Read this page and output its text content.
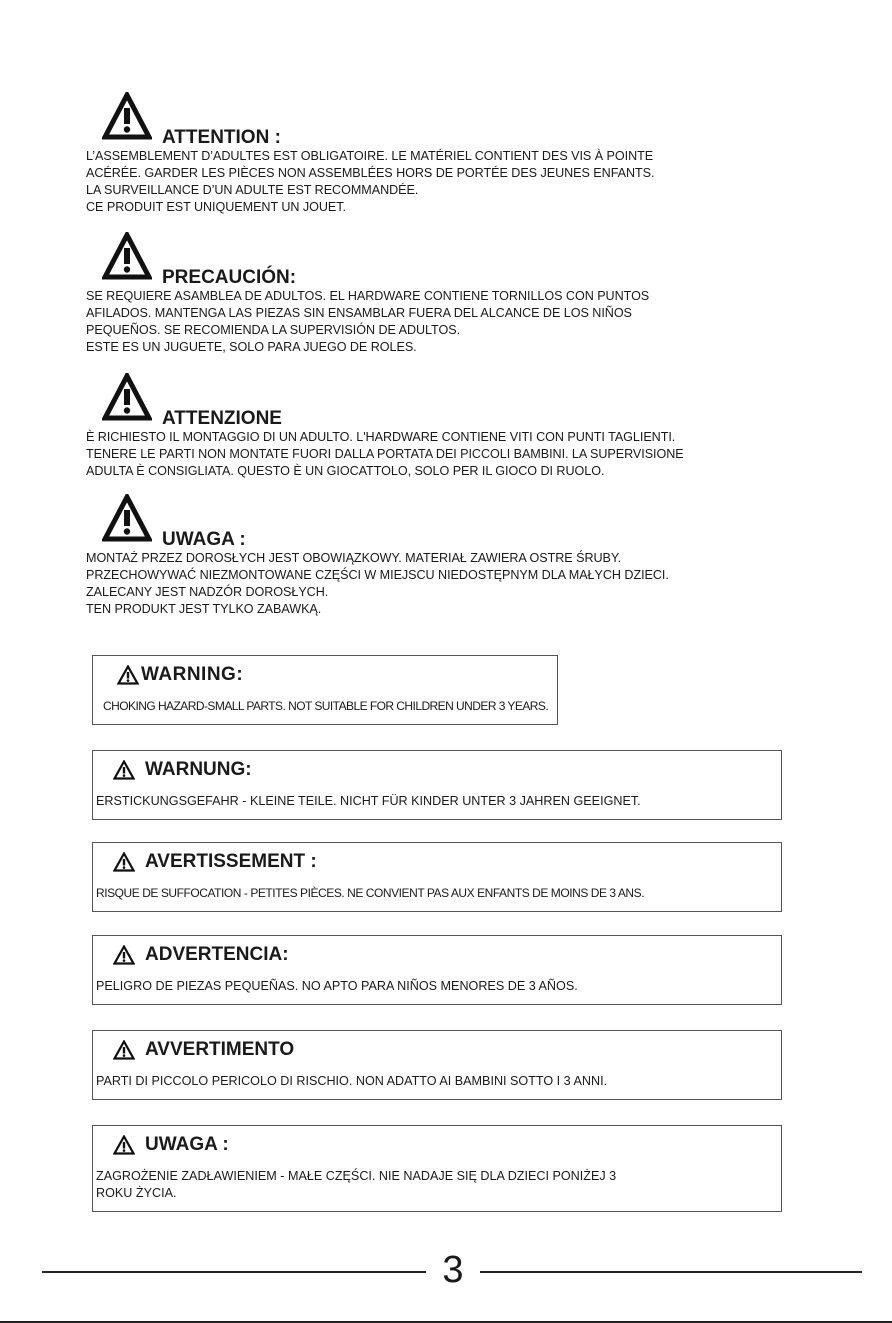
ATTENTION :
L’ASSEMBLEMENT D’ADULTES EST OBLIGATOIRE. LE MATÉRIEL CONTIENT DES VIS À POINTE
ACÉRÉE. GARDER LES PIÈCES NON ASSEMBLÉES HORS DE PORTÉE DES JEUNES ENFANTS.
LA SURVEILLANCE D’UN ADULTE EST RECOMMANDÉE.
CE PRODUIT EST UNIQUEMENT UN JOUET.
PRECAUCIÓN:
SE REQUIERE ASAMBLEA DE ADULTOS. EL HARDWARE CONTIENE TORNILLOS CON PUNTOS
AFILADOS. MANTENGA LAS PIEZAS SIN ENSAMBLAR FUERA DEL ALCANCE DE LOS NIÑOS
PEQUEÑOS. SE RECOMIENDA LA SUPERVISIÓN DE ADULTOS.
ESTE ES UN JUGUETE, SOLO PARA JUEGO DE ROLES.
ATTENZIONE
È RICHIESTO IL MONTAGGIO DI UN ADULTO. L'HARDWARE CONTIENE VITI CON PUNTI TAGLIENTI.
TENERE LE PARTI NON MONTATE FUORI DALLA PORTATA DEI PICCOLI BAMBINI. LA SUPERVISIONE
ADULTA È CONSIGLIATA. QUESTO È UN GIOCATTOLO, SOLO PER IL GIOCO DI RUOLO.
UWAGA :
MONTAŻ PRZEZ DOROSŁYCH JEST OBOWIĄZKOWY. MATERIAŁ ZAWIERA OSTRE ŚRUBY.
PRZECHOWYWAĆ NIEZMONTOWANE CZĘŚCI W MIEJSCU NIEDOSTĘPNYM DLA MAŁYCH DZIECI.
ZALECANY JEST NADZÓR DOROSŁYCH.
TEN PRODUKT JEST TYLKO ZABAWKĄ.
WARNING:
CHOKING HAZARD-SMALL PARTS. NOT SUITABLE FOR CHILDREN UNDER 3 YEARS.
WARNUNG:
ERSTICKUNGSGEFAHR - KLEINE TEILE. NICHT FÜR KINDER UNTER 3 JAHREN GEEIGNET.
AVERTISSEMENT :
RISQUE DE SUFFOCATION - PETITES PIÈCES. NE CONVIENT PAS AUX ENFANTS DE MOINS DE 3 ANS.
ADVERTENCIA:
PELIGRO DE PIEZAS PEQUEÑAS. NO APTO PARA NIÑOS MENORES DE 3 AÑOS.
AVVERTIMENTO
PARTI DI PICCOLO PERICOLO DI RISCHIO. NON ADATTO AI BAMBINI SOTTO I 3 ANNI.
UWAGA :
ZAGROŻENIE ZADŁAWIENIEM - MAŁE CZĘŚCI. NIE NADAJE SIĘ DLA DZIECI PONIŻEJ 3
ROKU ŻYCIA.
3
